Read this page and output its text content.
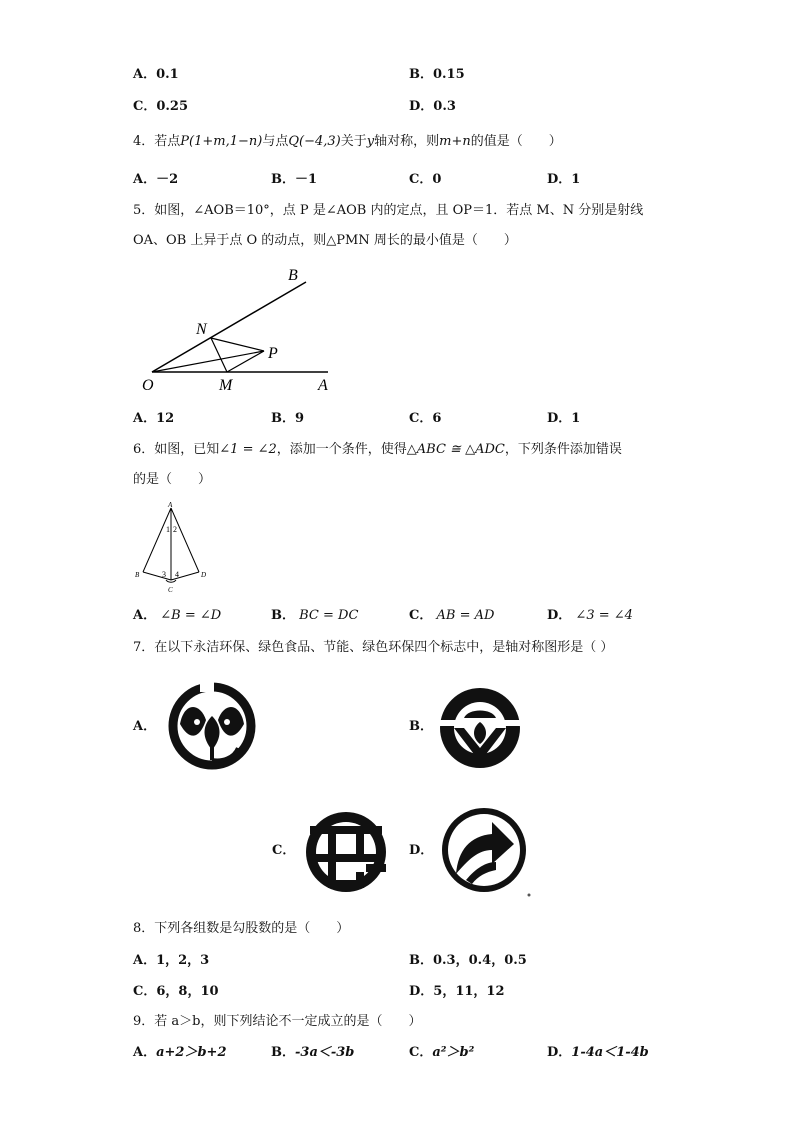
A．0.1	B．0.15
C．0.25	D．0.3
4．若点P(1+m,1−n)与点Q(−4,3)关于y轴对称，则m+n的值是（　　）
A．－2	B．－1	C．0	D．1
5．如图，∠AOB＝10°，点 P 是∠AOB 内的定点，且 OP＝1．若点 M、N 分别是射线
OA、OB 上异于点 O 的动点，则△PMN 周长的最小值是（　　）
B
N
P
O	M	A
A．12	B．9	C．6	D．1
6．如图，已知∠1 = ∠2，添加一个条件，使得△ABC ≅ △ADC，下列条件添加错误
的是（　　）
A
B
C
D
1 2
3 4
A． ∠B = ∠D	B． BC = DC	C． AB = AD	D． ∠3 = ∠4
7．在以下永洁环保、绿色食品、节能、绿色环保四个标志中，是轴对称图形是（ ）
A．	B．
C．	D．
8．下列各组数是勾股数的是（　　）
A．1，2，3	B．0.3，0.4，0.5
C．6，8，10	D．5，11，12
9．若 a＞b，则下列结论不一定成立的是（　　）
A．a+2＞b+2	B．-3a＜-3b	C．a²＞b²	D．1-4a＜1-4b
